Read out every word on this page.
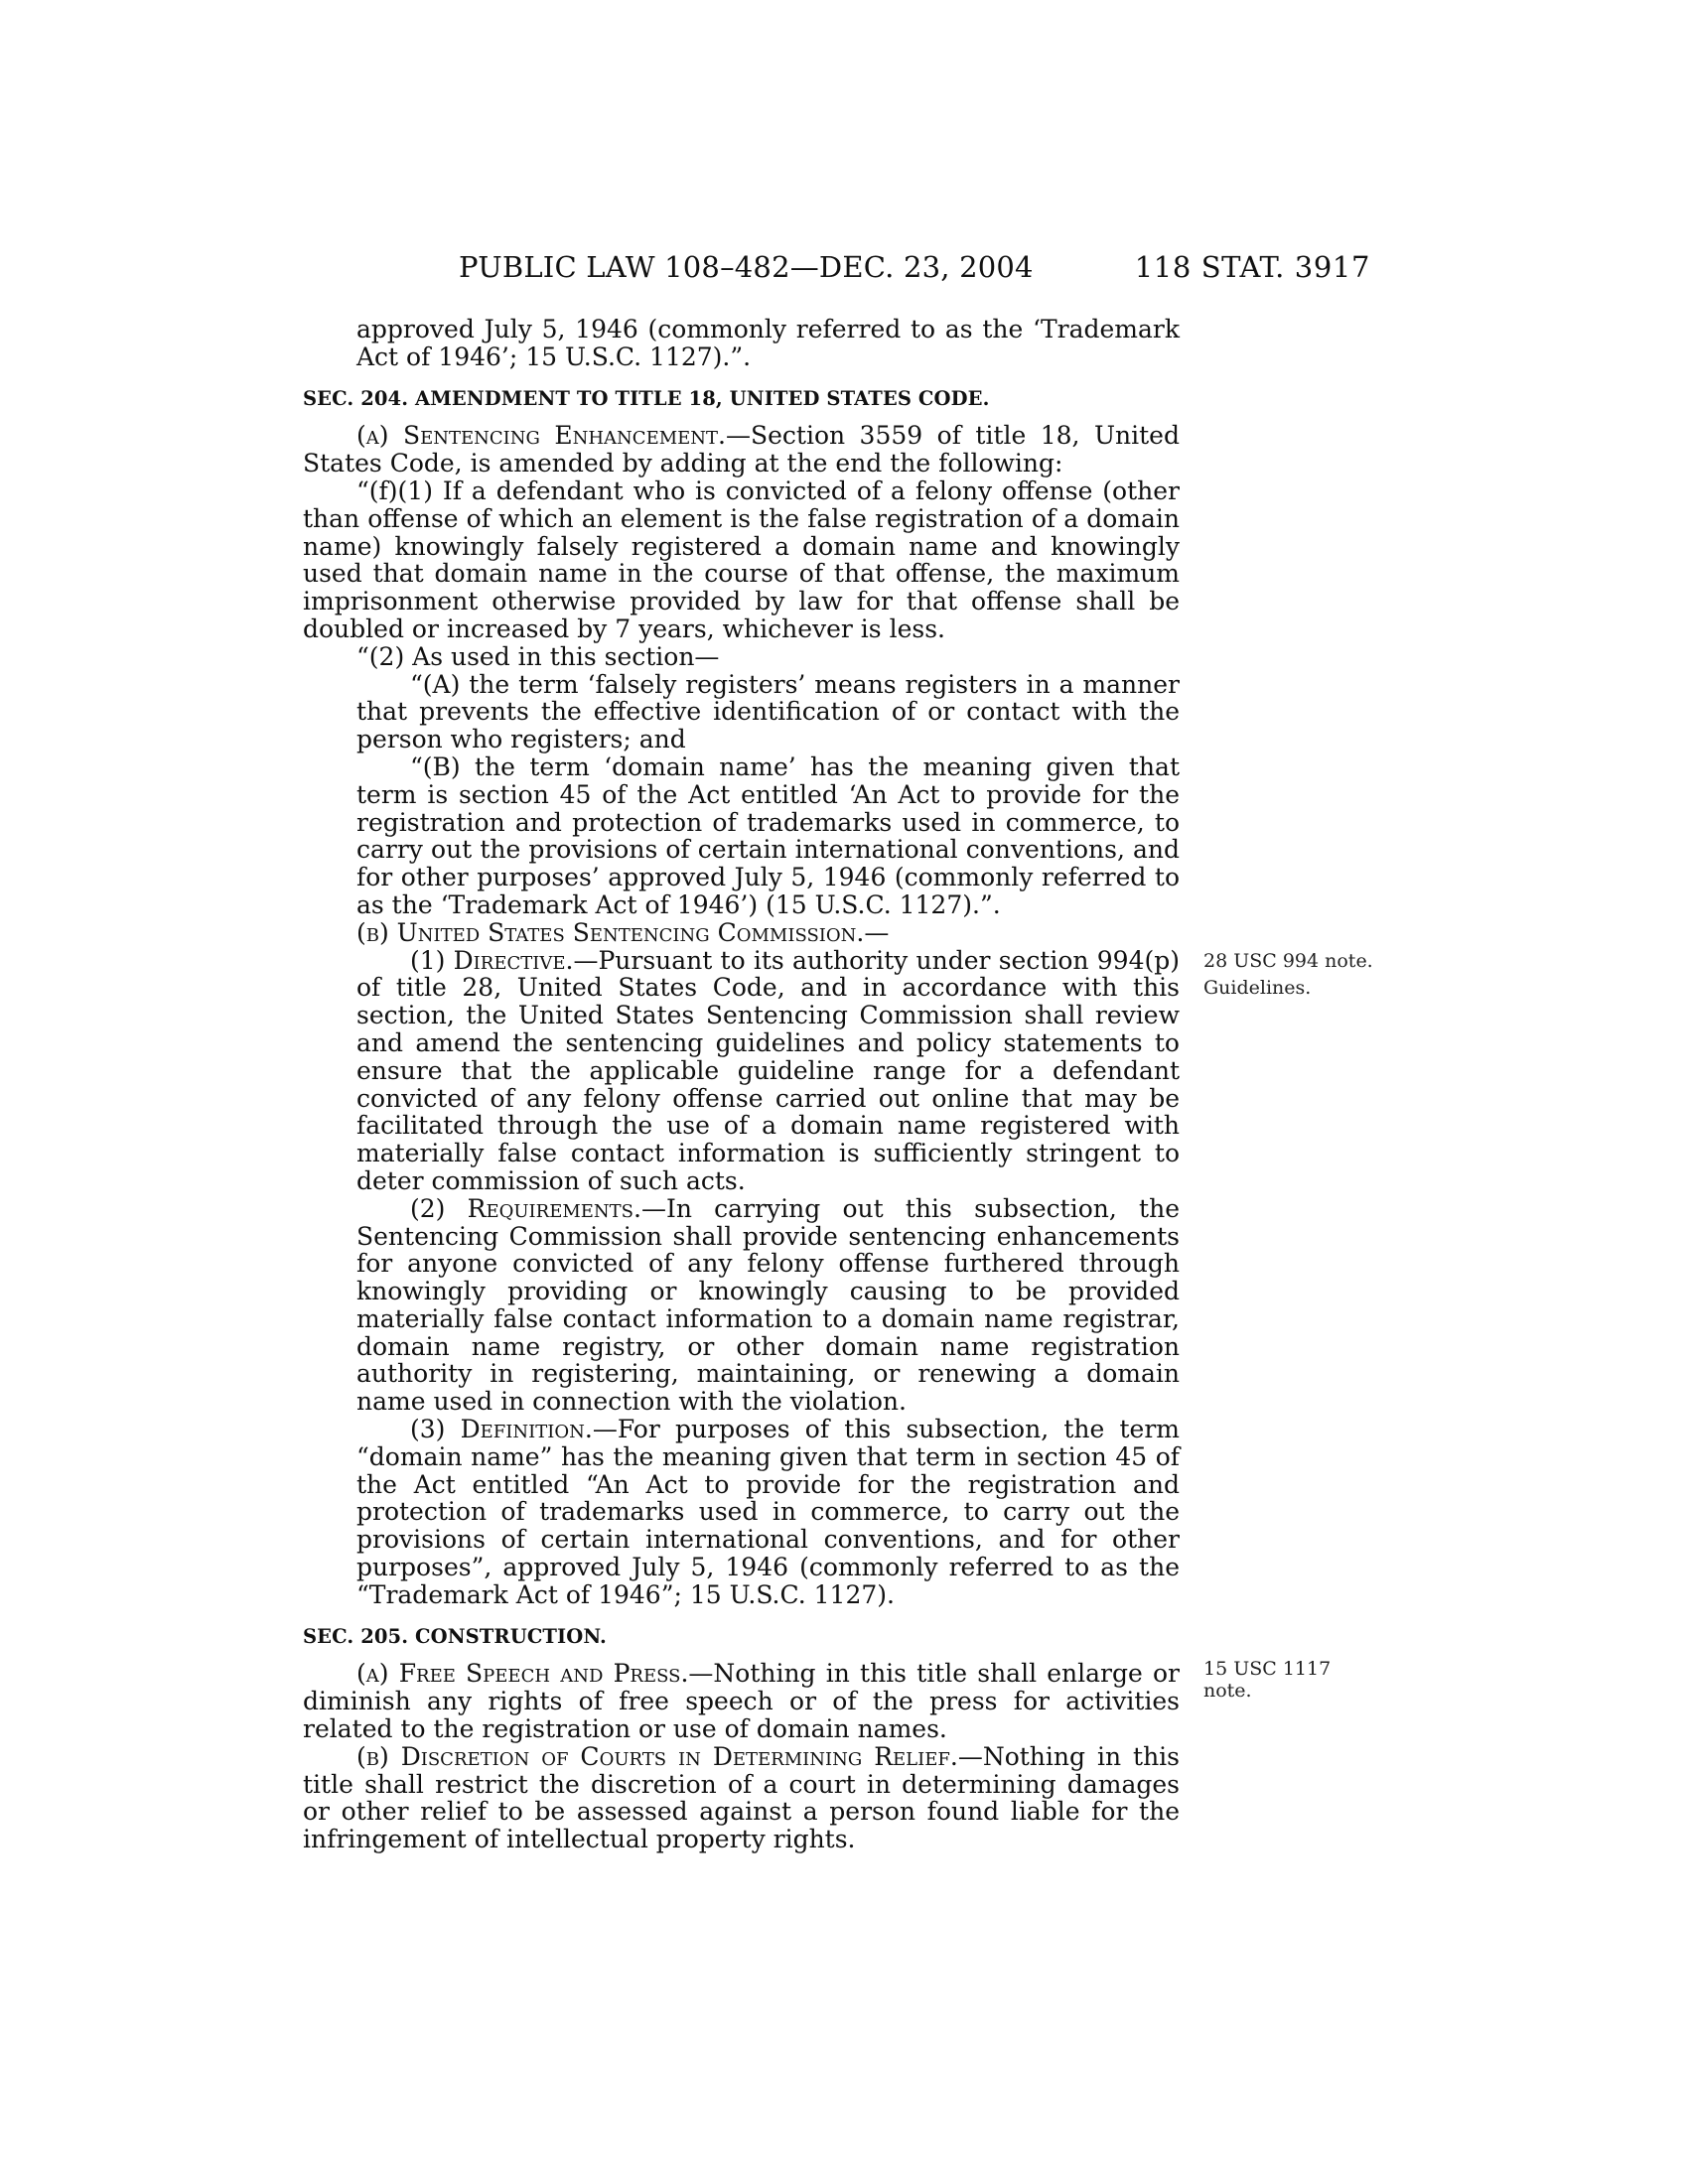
PUBLIC LAW 108–482—DEC. 23, 2004	118 STAT. 3917

approved July 5, 1946 (commonly referred to as the ‘Trademark Act of 1946’; 15 U.S.C. 1127).”.

SEC. 204. AMENDMENT TO TITLE 18, UNITED STATES CODE.

(a) Sentencing Enhancement.—Section 3559 of title 18, United States Code, is amended by adding at the end the following:

“(f)(1) If a defendant who is convicted of a felony offense (other than offense of which an element is the false registration of a domain name) knowingly falsely registered a domain name and knowingly used that domain name in the course of that offense, the maximum imprisonment otherwise provided by law for that offense shall be doubled or increased by 7 years, whichever is less.

“(2) As used in this section—

“(A) the term ‘falsely registers’ means registers in a manner that prevents the effective identification of or contact with the person who registers; and

“(B) the term ‘domain name’ has the meaning given that term is section 45 of the Act entitled ‘An Act to provide for the registration and protection of trademarks used in commerce, to carry out the provisions of certain international conventions, and for other purposes’ approved July 5, 1946 (commonly referred to as the ‘Trademark Act of 1946’) (15 U.S.C. 1127).”.

(b) United States Sentencing Commission.—

(1) Directive.—Pursuant to its authority under section 994(p) of title 28, United States Code, and in accordance with this section, the United States Sentencing Commission shall review and amend the sentencing guidelines and policy statements to ensure that the applicable guideline range for a defendant convicted of any felony offense carried out online that may be facilitated through the use of a domain name registered with materially false contact information is sufficiently stringent to deter commission of such acts.

(2) Requirements.—In carrying out this subsection, the Sentencing Commission shall provide sentencing enhancements for anyone convicted of any felony offense furthered through knowingly providing or knowingly causing to be provided materially false contact information to a domain name registrar, domain name registry, or other domain name registration authority in registering, maintaining, or renewing a domain name used in connection with the violation.

(3) Definition.—For purposes of this subsection, the term “domain name” has the meaning given that term in section 45 of the Act entitled “An Act to provide for the registration and protection of trademarks used in commerce, to carry out the provisions of certain international conventions, and for other purposes”, approved July 5, 1946 (commonly referred to as the “Trademark Act of 1946”; 15 U.S.C. 1127).

SEC. 205. CONSTRUCTION.

(a) Free Speech and Press.—Nothing in this title shall enlarge or diminish any rights of free speech or of the press for activities related to the registration or use of domain names.

(b) Discretion of Courts in Determining Relief.—Nothing in this title shall restrict the discretion of a court in determining damages or other relief to be assessed against a person found liable for the infringement of intellectual property rights.

28 USC 994 note.
Guidelines.
15 USC 1117 note.
